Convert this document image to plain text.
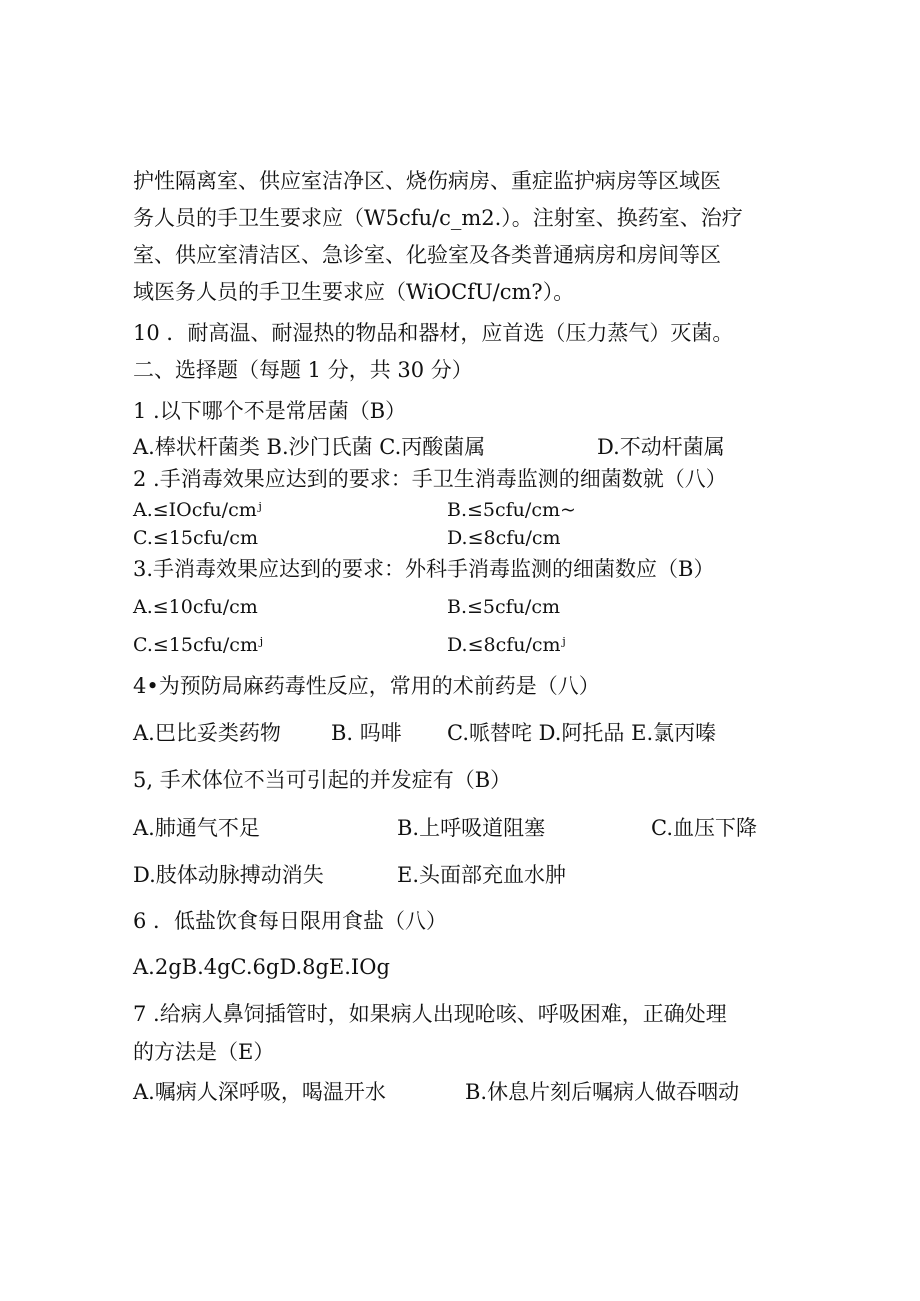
护性隔离室、供应室洁净区、烧伤病房、重症监护病房等区域医
务人员的手卫生要求应（W5cfu/c_m2.）。注射室、换药室、治疗
室、供应室清洁区、急诊室、化验室及各类普通病房和房间等区
域医务人员的手卫生要求应（WiOCfU/cm?）。
10 ．耐高温、耐湿热的物品和器材，应首选（压力蒸气）灭菌。
二、选择题（每题 1 分，共 30 分）
1 .以下哪个不是常居菌（B）
A.棒状杆菌类 B.沙门氏菌 C.丙酸菌属	D.不动杆菌属
2 .手消毒效果应达到的要求：手卫生消毒监测的细菌数就（八）
A.≤IOcfu/cmʲ	B.≤5cfu/cm~
C.≤15cfu/cm	D.≤8cfu/cm
3.手消毒效果应达到的要求：外科手消毒监测的细菌数应（B）
A.≤10cfu/cm	B.≤5cfu/cm
C.≤15cfu/cmʲ	D.≤8cfu/cmʲ
4•为预防局麻药毒性反应，常用的术前药是（八）
A.巴比妥类药物 B. 吗啡 C.哌替咤 D.阿托品 E.氯丙嗪
5, 手术体位不当可引起的并发症有（B）
A.肺通气不足	B.上呼吸道阻塞	C.血压下降
D.肢体动脉搏动消失	E.头面部充血水肿
6 ．低盐饮食每日限用食盐（八）
A.2gB.4gC.6gD.8gE.IOg
7 .给病人鼻饲插管时，如果病人出现呛咳、呼吸困难，正确处理
的方法是（E）
A.嘱病人深呼吸，喝温开水	B.休息片刻后嘱病人做吞咽动
